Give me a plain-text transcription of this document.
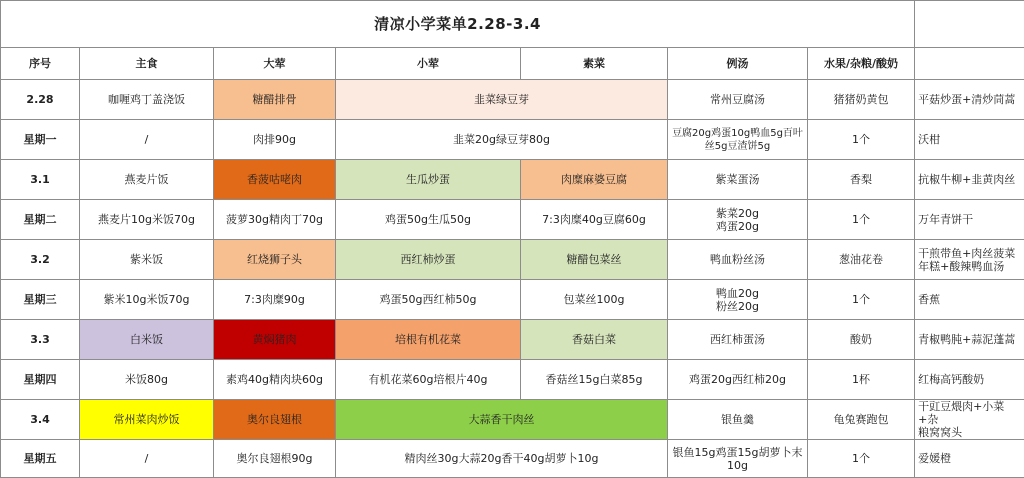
清凉小学菜单2.28-3.4							
序号	主食	大荤	小荤	素菜	例汤	水果/杂粮/酸奶	
2.28	咖喱鸡丁盖浇饭	糖醋排骨	韭菜绿豆芽		常州豆腐汤	猪猪奶黄包	平菇炒蛋+清炒茼蒿
星期一	/	肉排90g	韭菜20g绿豆芽80g		豆腐20g鸡蛋10g鸭血5g百叶丝5g豆渣饼5g	1个	沃柑
3.1	燕麦片饭	香菠咕咾肉	生瓜炒蛋	肉糜麻婆豆腐	紫菜蛋汤	香梨	抗椒牛柳+韭黄肉丝
星期二	燕麦片10g米饭70g	菠萝30g精肉丁70g	鸡蛋50g生瓜50g	7:3肉糜40g豆腐60g	紫菜20g
鸡蛋20g	1个	万年青饼干
3.2	紫米饭	红烧狮子头	西红柿炒蛋	糖醋包菜丝	鸭血粉丝汤	葱油花卷	干煎带鱼+肉丝菠菜
年糕+酸辣鸭血汤

星期三	紫米10g米饭70g	7:3肉糜90g	鸡蛋50g西红柿50g	包菜丝100g	鸭血20g
粉丝20g	1个	香蕉
3.3	白米饭	黄焖猪肉	培根有机花菜	香菇白菜	西红柿蛋汤	酸奶	青椒鸭肫+蒜泥蓬蒿
星期四	米饭80g	素鸡40g精肉块60g	有机花菜60g培根片40g	香菇丝15g白菜85g	鸡蛋20g西红柿20g	1杯	红梅高钙酸奶
3.4	常州菜肉炒饭	奥尔良翅根	大蒜香干肉丝		银鱼羹	龟兔赛跑包	干豇豆煨肉+小菜+杂
粮窝窝头

星期五	/	奥尔良翅根90g	精肉丝30g大蒜20g香干40g胡萝卜10g		银鱼15g鸡蛋15g胡萝卜末
10g	1个	爱媛橙
